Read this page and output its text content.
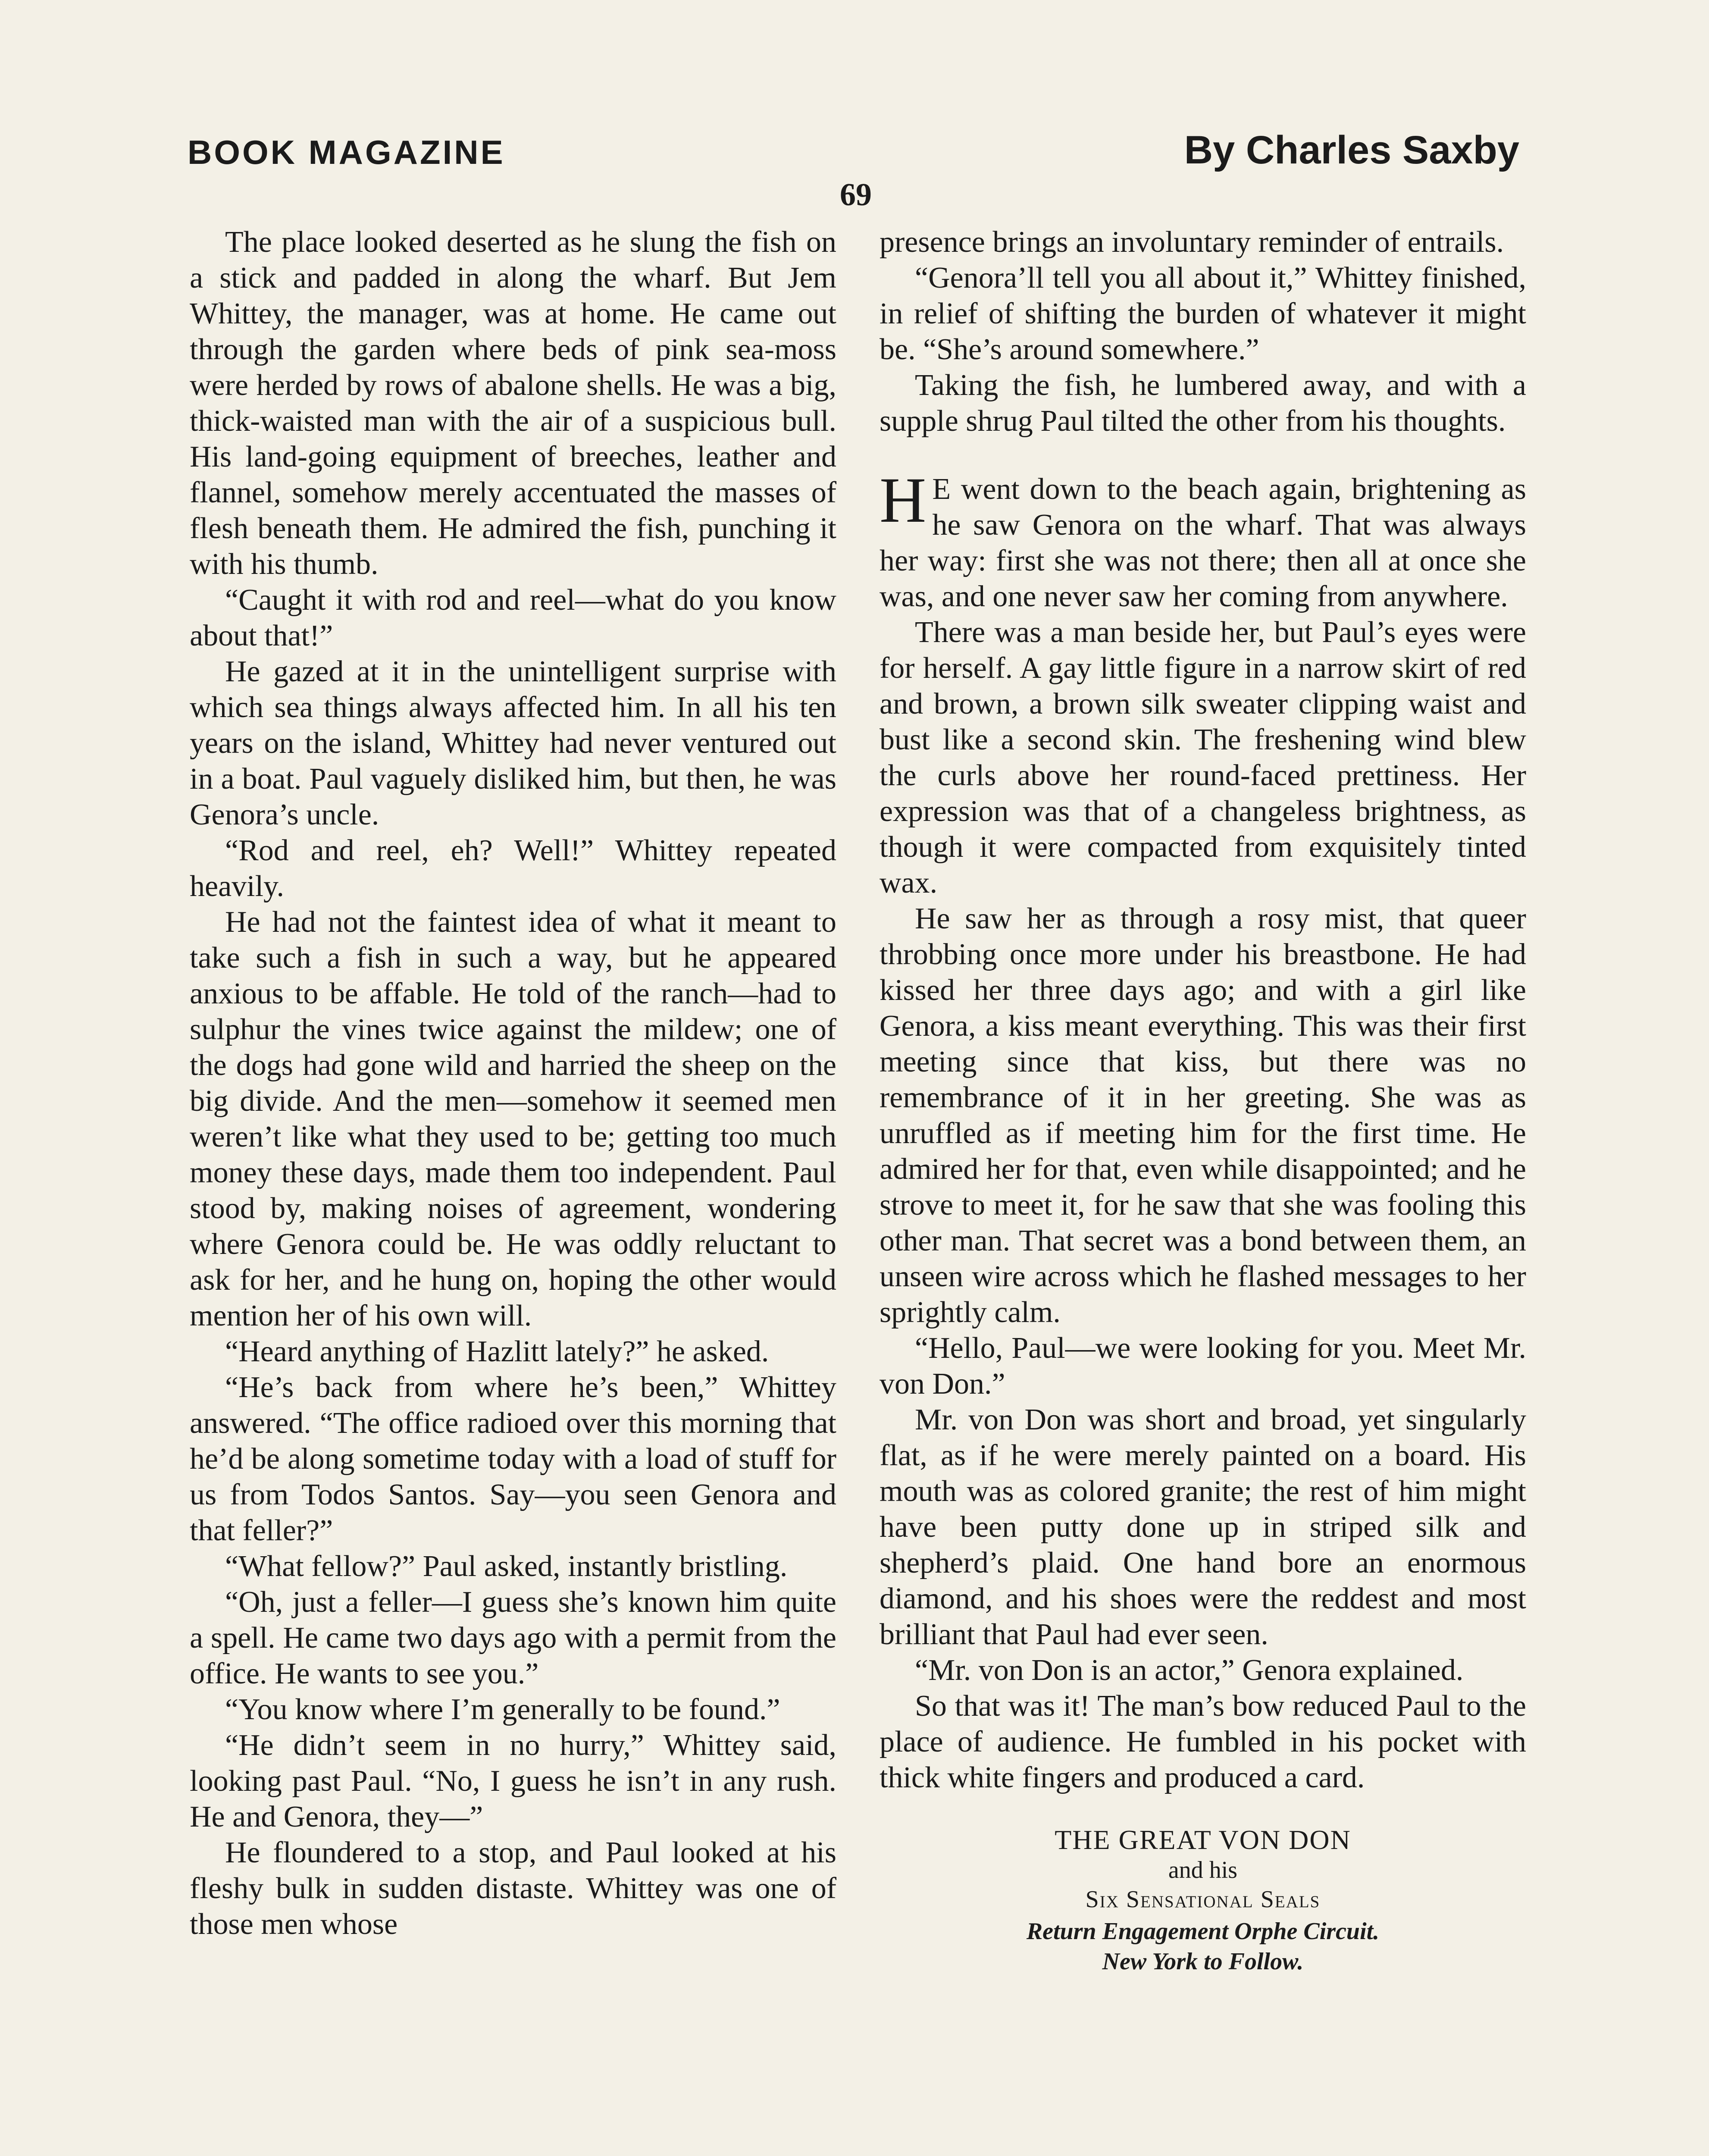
BOOK MAGAZINE	By Charles Saxby
69

The place looked deserted as he slung the fish on a stick and padded in along the wharf. But Jem Whittey, the manager, was at home. He came out through the garden where beds of pink sea-moss were herded by rows of abalone shells. He was a big, thick-waisted man with the air of a suspicious bull. His land-going equipment of breeches, leather and flannel, somehow merely accentuated the masses of flesh beneath them. He admired the fish, punching it with his thumb.

“Caught it with rod and reel—what do you know about that!”

He gazed at it in the unintelligent surprise with which sea things always affected him. In all his ten years on the island, Whittey had never ventured out in a boat. Paul vaguely disliked him, but then, he was Genora’s uncle.

“Rod and reel, eh? Well!” Whittey repeated heavily.

He had not the faintest idea of what it meant to take such a fish in such a way, but he appeared anxious to be affable. He told of the ranch—had to sulphur the vines twice against the mildew; one of the dogs had gone wild and harried the sheep on the big divide. And the men—somehow it seemed men weren’t like what they used to be; getting too much money these days, made them too independent. Paul stood by, making noises of agreement, wondering where Genora could be. He was oddly reluctant to ask for her, and he hung on, hoping the other would mention her of his own will.

“Heard anything of Hazlitt lately?” he asked.

“He’s back from where he’s been,” Whittey answered. “The office radioed over this morning that he’d be along sometime today with a load of stuff for us from Todos Santos. Say—you seen Genora and that feller?”

“What fellow?” Paul asked, instantly bristling.

“Oh, just a feller—I guess she’s known him quite a spell. He came two days ago with a permit from the office. He wants to see you.”

“You know where I’m generally to be found.”

“He didn’t seem in no hurry,” Whittey said, looking past Paul. “No, I guess he isn’t in any rush. He and Genora, they—”

He floundered to a stop, and Paul looked at his fleshy bulk in sudden distaste. Whittey was one of those men whose

presence brings an involuntary reminder of entrails.

“Genora’ll tell you all about it,” Whittey finished, in relief of shifting the burden of whatever it might be. “She’s around somewhere.”

Taking the fish, he lumbered away, and with a supple shrug Paul tilted the other from his thoughts.

H E went down to the beach again, brightening as he saw Genora on the wharf. That was always her way: first she was not there; then all at once she was, and one never saw her coming from anywhere.

There was a man beside her, but Paul’s eyes were for herself. A gay little figure in a narrow skirt of red and brown, a brown silk sweater clipping waist and bust like a second skin. The freshening wind blew the curls above her round-faced prettiness. Her expression was that of a changeless brightness, as though it were compacted from exquisitely tinted wax.

He saw her as through a rosy mist, that queer throbbing once more under his breastbone. He had kissed her three days ago; and with a girl like Genora, a kiss meant everything. This was their first meeting since that kiss, but there was no remembrance of it in her greeting. She was as unruffled as if meeting him for the first time. He admired her for that, even while disappointed; and he strove to meet it, for he saw that she was fooling this other man. That secret was a bond between them, an unseen wire across which he flashed messages to her sprightly calm.

“Hello, Paul—we were looking for you. Meet Mr. von Don.”

Mr. von Don was short and broad, yet singularly flat, as if he were merely painted on a board. His mouth was as colored granite; the rest of him might have been putty done up in striped silk and shepherd’s plaid. One hand bore an enormous diamond, and his shoes were the reddest and most brilliant that Paul had ever seen.

“Mr. von Don is an actor,” Genora explained.

So that was it! The man’s bow reduced Paul to the place of audience. He fumbled in his pocket with thick white fingers and produced a card.

THE GREAT VON DON
and his
Six Sensational Seals
Return Engagement Orphe Circuit.
New York to Follow.
